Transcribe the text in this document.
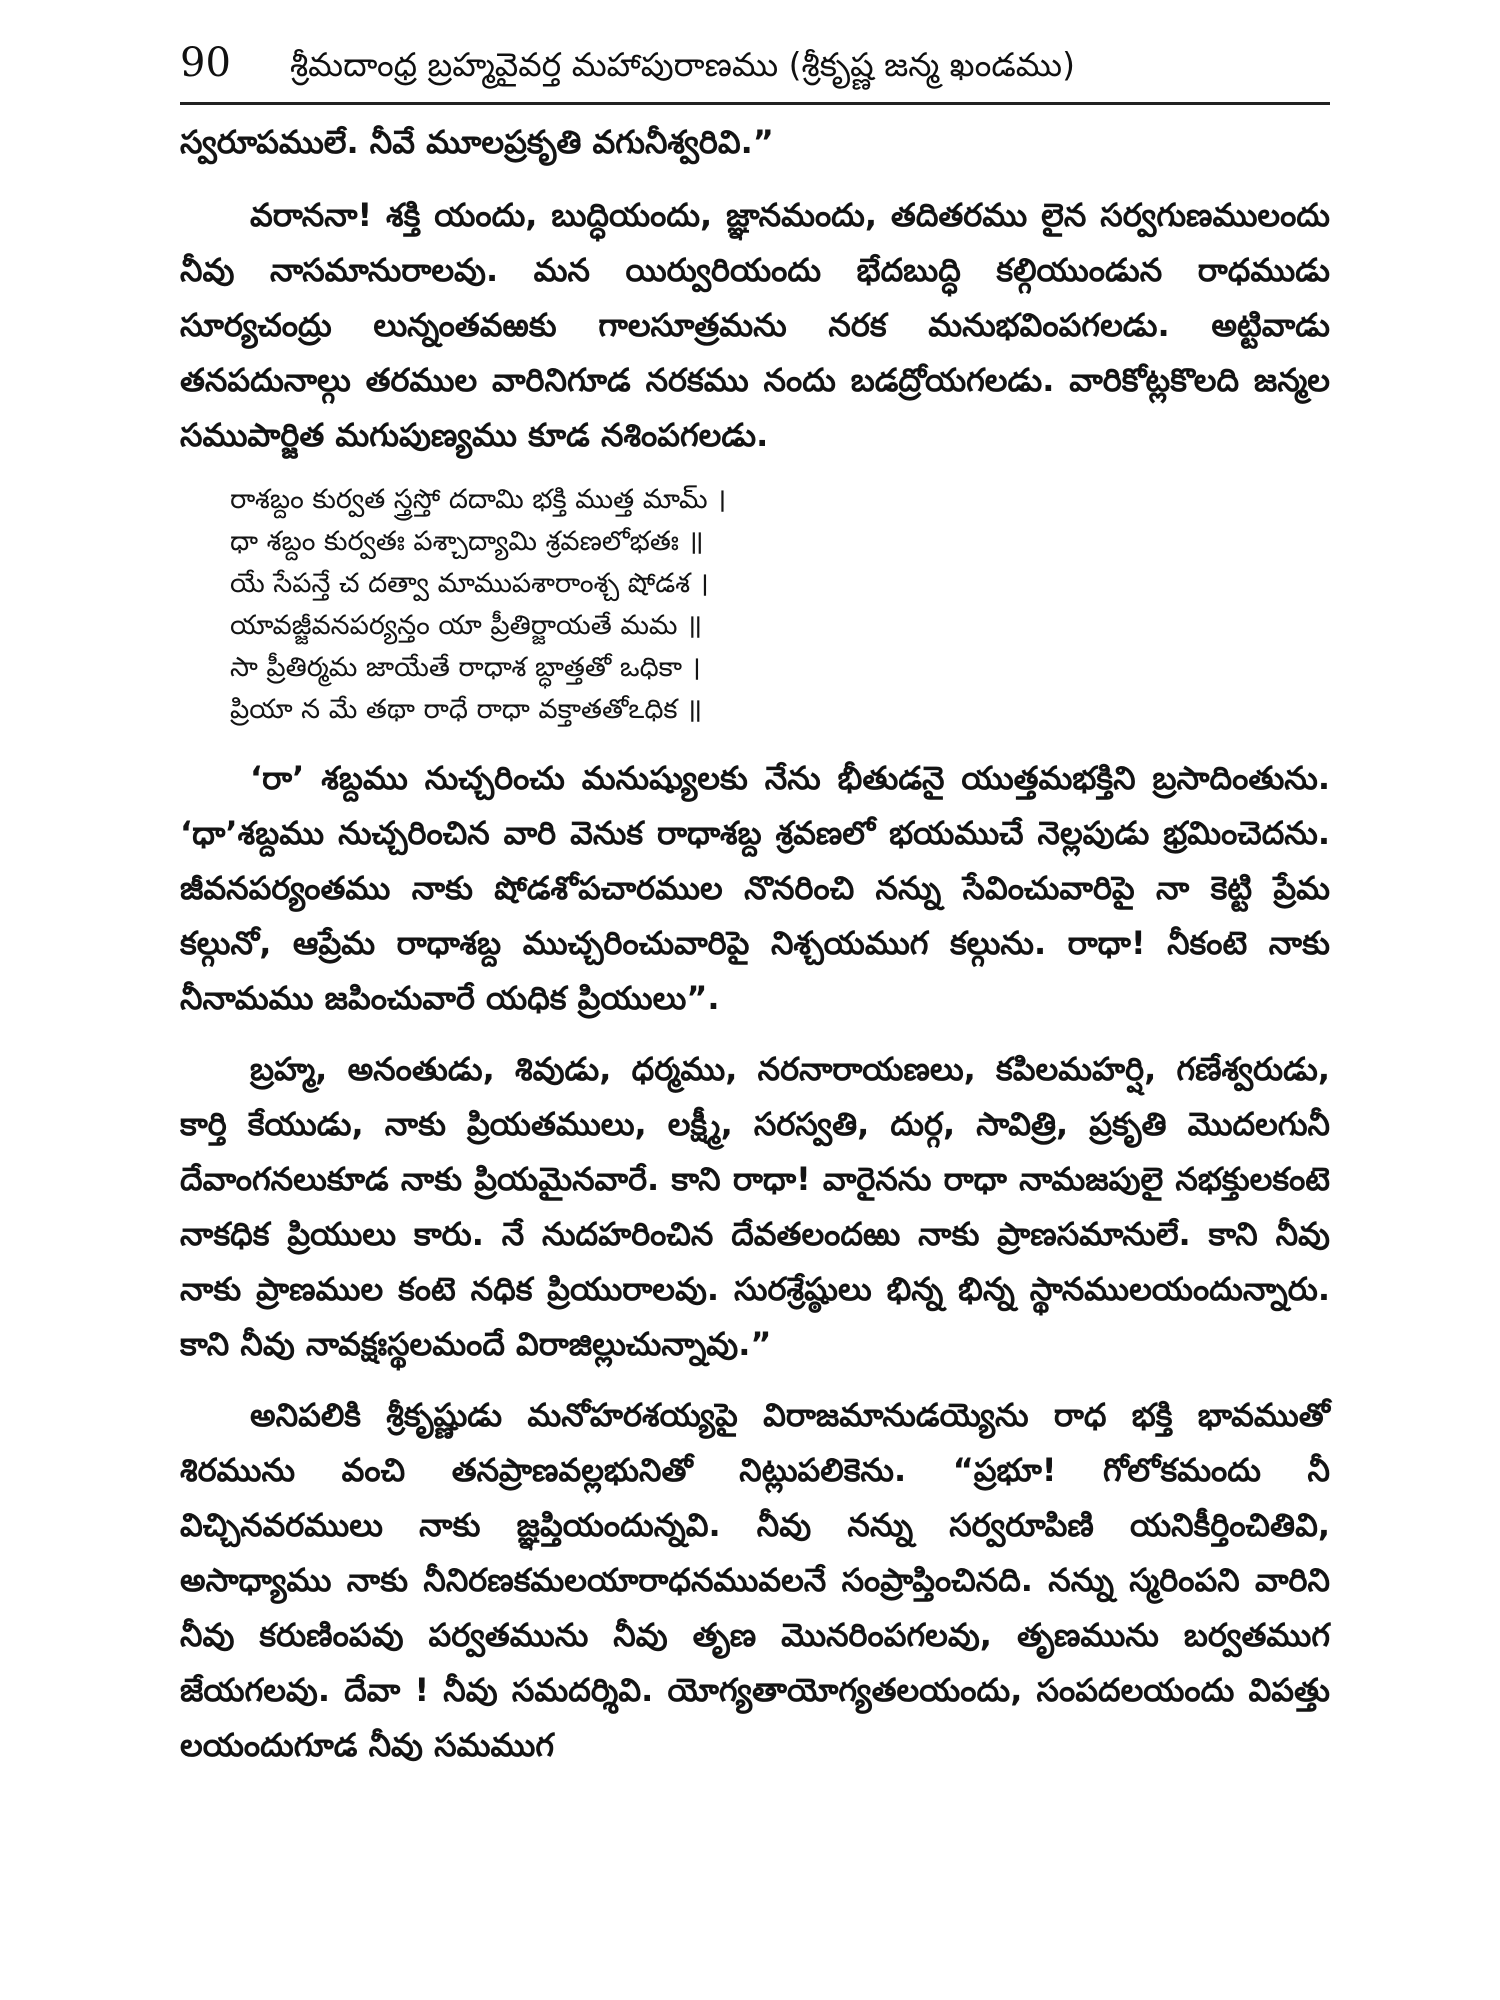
90	శ్రీమదాంధ్ర బ్రహ్మవైవర్త మహాపురాణము (శ్రీకృష్ణ జన్మ ఖండము)

స్వరూపములే. నీవే మూలప్రకృతి వగునీశ్వరివి.”

వరాననా! శక్తి యందు, బుద్ధియందు, జ్ఞానమందు, తదితరము లైన సర్వగుణములందు నీవు నాసమానురాలవు. మన యిర్వురియందు భేదబుద్ధి కల్గియుండున రాధముడు సూర్యచంద్రు లున్నంతవఱకు గాలసూత్రమను నరక మనుభవింపగలడు. అట్టివాడు తనపదునాల్గు తరముల వారినిగూడ నరకము నందు బడద్రోయగలడు. వారికోట్లకొలది జన్మల సముపార్జిత మగుపుణ్యము కూడ నశింపగలడు.

రాశబ్దం కుర్వత స్త్రస్తో దదామి భక్తి ముత్త మామ్ ।
ధా శబ్దం కుర్వతః పశ్చాద్యామి శ్రవణలోభతః ॥
యే సేపన్తే చ దత్వా మాముపశారాంశ్చ షోడశ ।
యావజ్జీవనపర్యన్తం యా ప్రీతిర్జాయతే మమ ॥
సా ప్రీతిర్మమ జాయేతే రాధాశ బ్ధాత్తతో ఒధికా ।
ప్రియా న మే తథా రాధే రాధా వక్తాతతోఽధిక ॥

‘రా’ శబ్దము నుచ్చరించు మనుష్యులకు నేను భీతుడనై యుత్తమభక్తిని బ్రసాదింతును. ‘ధా’శబ్దము నుచ్చరించిన వారి వెనుక రాధాశబ్ద శ్రవణలో భయముచే నెల్లపుడు భ్రమించెదను. జీవనపర్యంతము నాకు షోడశోపచారముల నొనరించి నన్ను సేవించువారిపై నా కెట్టి ప్రేమ కల్గునో, ఆప్రేమ రాధాశబ్ద ముచ్చరించువారిపై నిశ్చయముగ కల్గును. రాధా! నీకంటె నాకు నీనామము జపించువారే యధిక ప్రియులు”.

బ్రహ్మ, అనంతుడు, శివుడు, ధర్మము, నరనారాయణలు, కపిలమహర్షి, గణేశ్వరుడు, కార్తి కేయుడు, నాకు ప్రియతములు, లక్ష్మీ, సరస్వతి, దుర్గ, సావిత్రి, ప్రకృతి మొదలగునీ దేవాంగనలుకూడ నాకు ప్రియమైనవారే. కాని రాధా! వారైనను రాధా నామజపులై నభక్తులకంటె నాకధిక ప్రియులు కారు. నే నుదహరించిన దేవతలందఱు నాకు ప్రాణసమానులే. కాని నీవు నాకు ప్రాణముల కంటె నధిక ప్రియురాలవు. సురశ్రేష్ఠులు భిన్న భిన్న స్థానములయందున్నారు. కాని నీవు నావక్షఃస్థలమందే విరాజిల్లుచున్నావు.”

అనిపలికి శ్రీకృష్ణుడు మనోహరశయ్యపై విరాజమానుడయ్యెను రాధ భక్తి భావముతో శిరమును వంచి తనప్రాణవల్లభునితో నిట్లుపలికెను. “ప్రభూ! గోలోకమందు నీ విచ్చినవరములు నాకు జ్ఞప్తియందున్నవి. నీవు నన్ను సర్వరూపిణి యనికీర్తించితివి, అసాధ్యాము నాకు నీనిరణకమలయారాధనమువలనే సంప్రాప్తించినది. నన్ను స్మరింపని వారిని నీవు కరుణింపవు పర్వతమును నీవు తృణ మొనరింపగలవు, తృణమును బర్వతముగ జేయగలవు. దేవా ! నీవు సమదర్శివి. యోగ్యతాయోగ్యతలయందు, సంపదలయందు విపత్తు లయందుగూడ నీవు సమముగ
